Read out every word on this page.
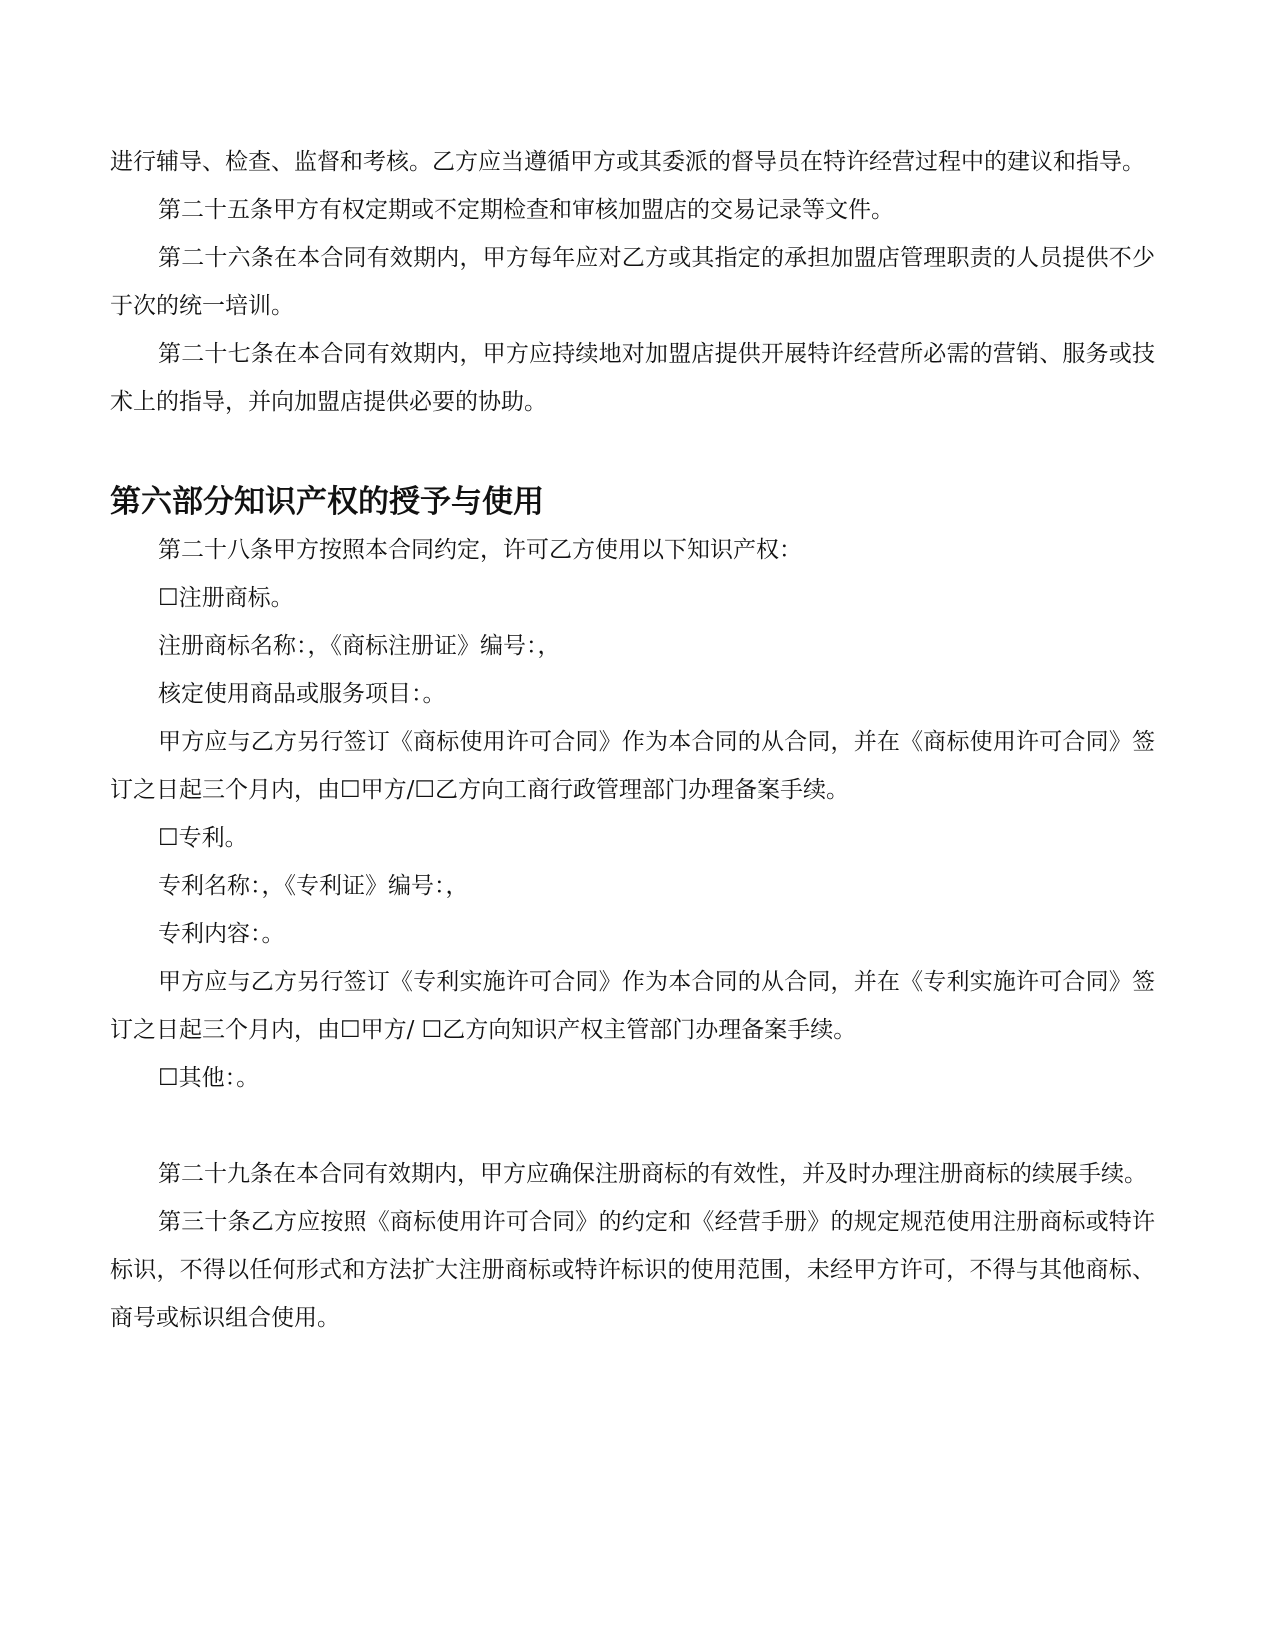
进行辅导、检查、监督和考核。乙方应当遵循甲方或其委派的督导员在特许经营过程中的建议和指导。

第二十五条甲方有权定期或不定期检查和审核加盟店的交易记录等文件。

第二十六条在本合同有效期内，甲方每年应对乙方或其指定的承担加盟店管理职责的人员提供不少于次的统一培训。

第二十七条在本合同有效期内，甲方应持续地对加盟店提供开展特许经营所必需的营销、服务或技术上的指导，并向加盟店提供必要的协助。

第六部分知识产权的授予与使用

第二十八条甲方按照本合同约定，许可乙方使用以下知识产权：

☐注册商标。

注册商标名称：，《商标注册证》编号：，

核定使用商品或服务项目：。

甲方应与乙方另行签订《商标使用许可合同》作为本合同的从合同，并在《商标使用许可合同》签订之日起三个月内，由☐甲方/☐乙方向工商行政管理部门办理备案手续。

☐专利。

专利名称：，《专利证》编号：，

专利内容：。

甲方应与乙方另行签订《专利实施许可合同》作为本合同的从合同，并在《专利实施许可合同》签订之日起三个月内，由☐甲方/ ☐乙方向知识产权主管部门办理备案手续。

☐其他：。

第二十九条在本合同有效期内，甲方应确保注册商标的有效性，并及时办理注册商标的续展手续。

第三十条乙方应按照《商标使用许可合同》的约定和《经营手册》的规定规范使用注册商标或特许标识，不得以任何形式和方法扩大注册商标或特许标识的使用范围，未经甲方许可，不得与其他商标、商号或标识组合使用。
